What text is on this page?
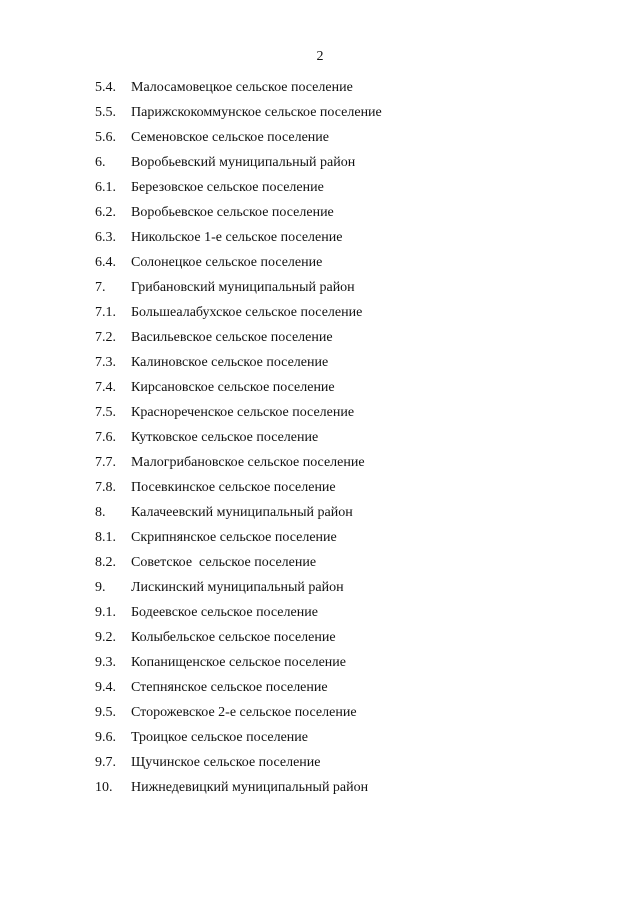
2
5.4. Малосамовецкое сельское поселение
5.5. Парижскокоммунское сельское поселение
5.6. Семеновское сельское поселение
6. Воробьевский муниципальный район
6.1. Березовское сельское поселение
6.2. Воробьевское сельское поселение
6.3. Никольское 1-е сельское поселение
6.4. Солонецкое сельское поселение
7. Грибановский муниципальный район
7.1. Большеалабухское сельское поселение
7.2. Васильевское сельское поселение
7.3. Калиновское сельское поселение
7.4. Кирсановское сельское поселение
7.5. Краснореченское сельское поселение
7.6. Кутковское сельское поселение
7.7. Малогрибановское сельское поселение
7.8. Посевкинское сельское поселение
8. Калачеевский муниципальный район
8.1. Скрипнянское сельское поселение
8.2. Советское  сельское поселение
9. Лискинский муниципальный район
9.1. Бодеевское сельское поселение
9.2. Колыбельское сельское поселение
9.3. Копанищенское сельское поселение
9.4. Степнянское сельское поселение
9.5. Сторожевское 2-е сельское поселение
9.6. Троицкое сельское поселение
9.7. Щучинское сельское поселение
10. Нижнедевицкий муниципальный район
